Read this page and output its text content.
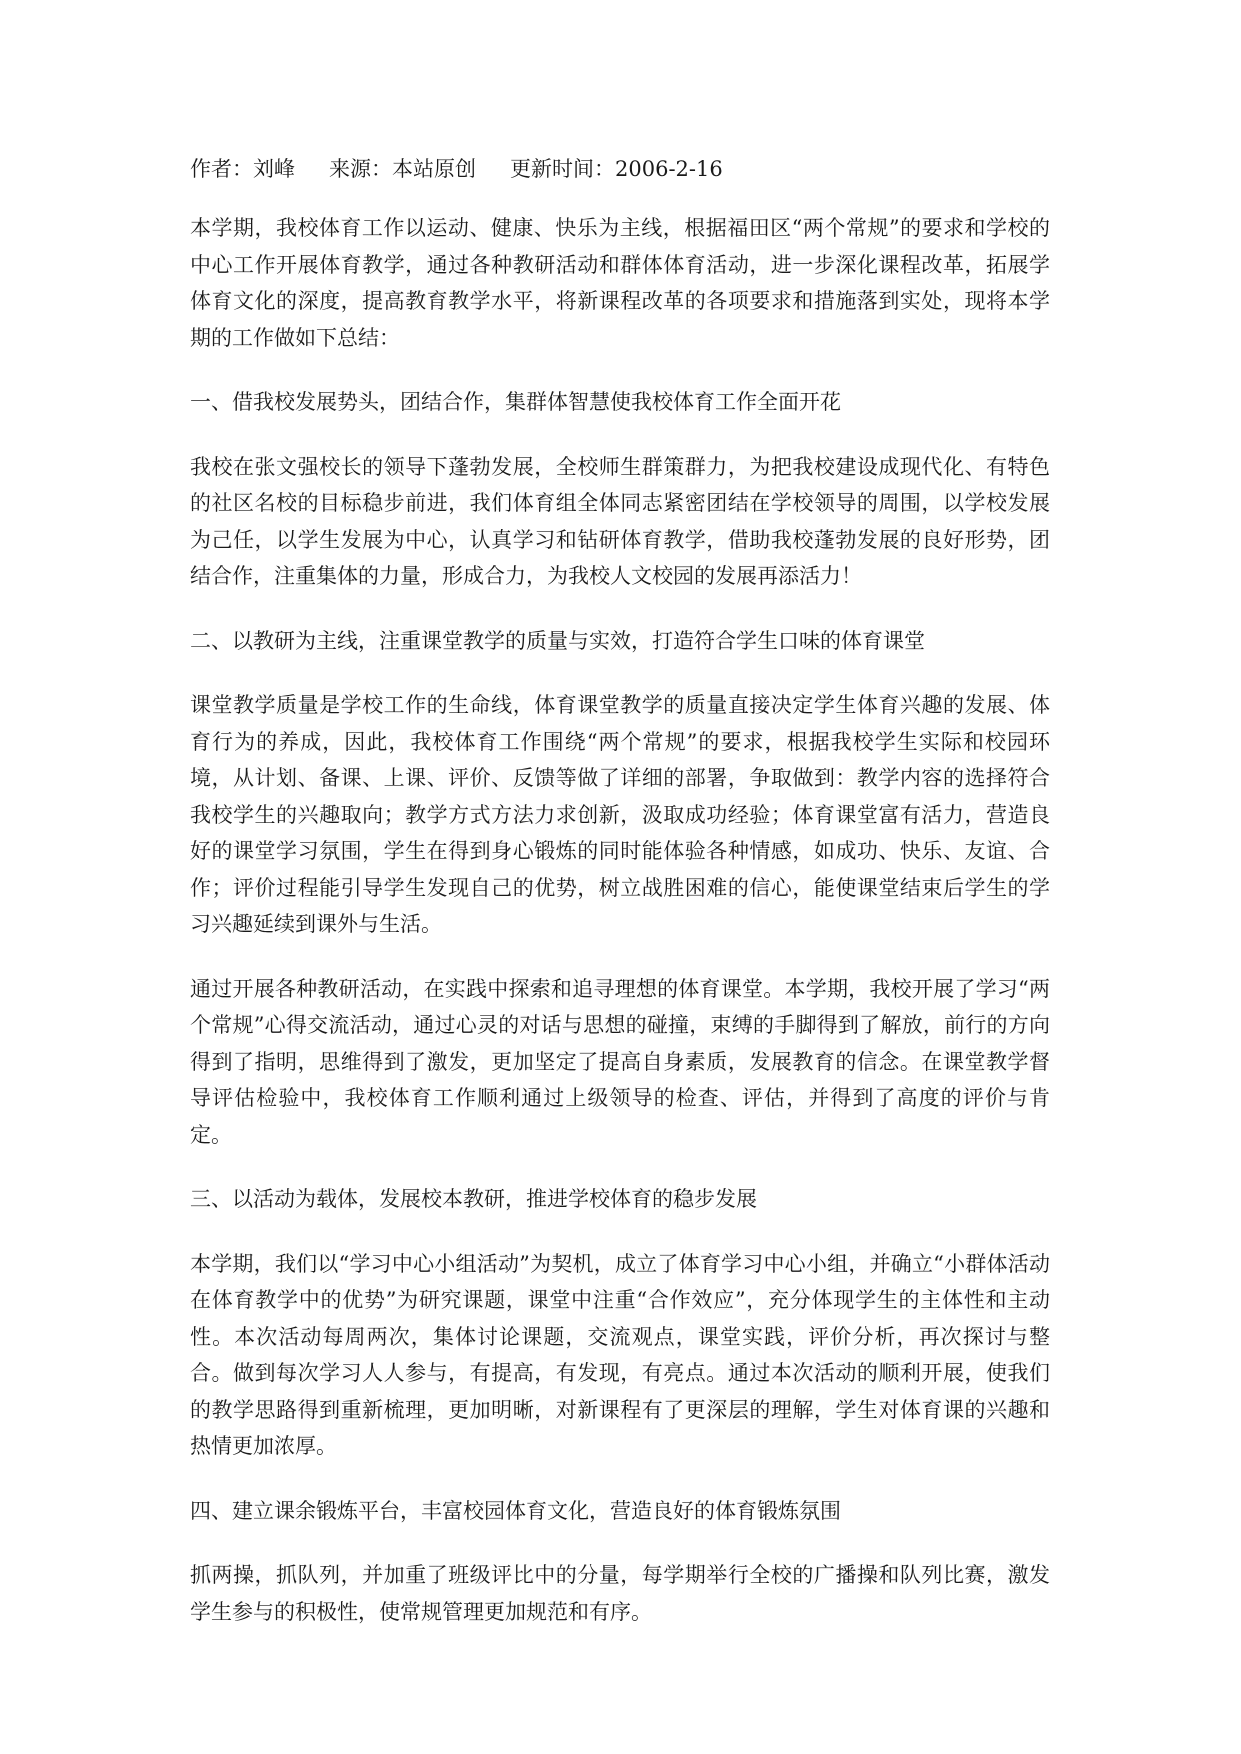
作者：刘峰 来源：本站原创 更新时间：2006-2-16

本学期，我校体育工作以运动、健康、快乐为主线，根据福田区“两个常规”的要求和学校的中心工作开展体育教学，通过各种教研活动和群体体育活动，进一步深化课程改革，拓展学体育文化的深度，提高教育教学水平，将新课程改革的各项要求和措施落到实处，现将本学期的工作做如下总结：

一、借我校发展势头，团结合作，集群体智慧使我校体育工作全面开花

我校在张文强校长的领导下蓬勃发展，全校师生群策群力，为把我校建设成现代化、有特色的社区名校的目标稳步前进，我们体育组全体同志紧密团结在学校领导的周围，以学校发展为己任，以学生发展为中心，认真学习和钻研体育教学，借助我校蓬勃发展的良好形势，团结合作，注重集体的力量，形成合力，为我校人文校园的发展再添活力！

二、以教研为主线，注重课堂教学的质量与实效，打造符合学生口味的体育课堂

课堂教学质量是学校工作的生命线，体育课堂教学的质量直接决定学生体育兴趣的发展、体育行为的养成，因此，我校体育工作围绕“两个常规”的要求，根据我校学生实际和校园环境，从计划、备课、上课、评价、反馈等做了详细的部署，争取做到：教学内容的选择符合我校学生的兴趣取向；教学方式方法力求创新，汲取成功经验；体育课堂富有活力，营造良好的课堂学习氛围，学生在得到身心锻炼的同时能体验各种情感，如成功、快乐、友谊、合作；评价过程能引导学生发现自己的优势，树立战胜困难的信心，能使课堂结束后学生的学习兴趣延续到课外与生活。

通过开展各种教研活动，在实践中探索和追寻理想的体育课堂。本学期，我校开展了学习“两个常规”心得交流活动，通过心灵的对话与思想的碰撞，束缚的手脚得到了解放，前行的方向得到了指明，思维得到了激发，更加坚定了提高自身素质，发展教育的信念。在课堂教学督导评估检验中，我校体育工作顺利通过上级领导的检查、评估，并得到了高度的评价与肯定。

三、以活动为载体，发展校本教研，推进学校体育的稳步发展

本学期，我们以“学习中心小组活动”为契机，成立了体育学习中心小组，并确立“小群体活动在体育教学中的优势”为研究课题，课堂中注重“合作效应”，充分体现学生的主体性和主动性。本次活动每周两次，集体讨论课题，交流观点，课堂实践，评价分析，再次探讨与整合。做到每次学习人人参与，有提高，有发现，有亮点。通过本次活动的顺利开展，使我们的教学思路得到重新梳理，更加明晰，对新课程有了更深层的理解，学生对体育课的兴趣和热情更加浓厚。

四、建立课余锻炼平台，丰富校园体育文化，营造良好的体育锻炼氛围

抓两操，抓队列，并加重了班级评比中的分量，每学期举行全校的广播操和队列比赛，激发学生参与的积极性，使常规管理更加规范和有序。
